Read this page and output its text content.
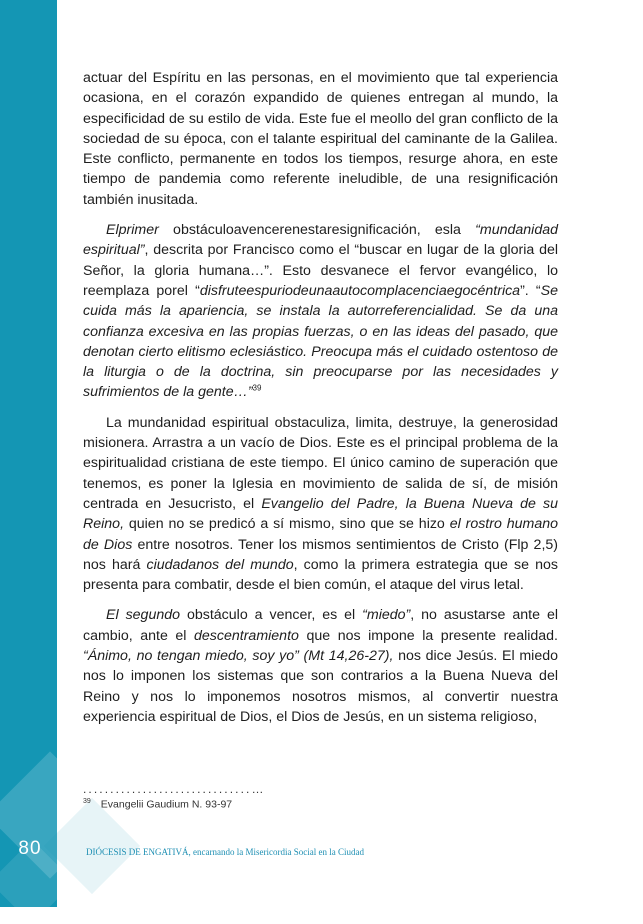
80

actuar del Espíritu en las personas, en el movimiento que tal experiencia ocasiona, en el corazón expandido de quienes entregan al mundo, la especificidad de su estilo de vida. Este fue el meollo del gran conflicto de la sociedad de su época, con el talante espiritual del caminante de la Galilea. Este conflicto, permanente en todos los tiempos, resurge ahora, en este tiempo de pandemia como referente ineludible, de una resignificación también inusitada.

Elprimer obstáculoavencerenestaresignificación, esla “mundanidad espiritual”, descrita por Francisco como el “buscar en lugar de la gloria del Señor, la gloria humana…”. Esto desvanece el fervor evangélico, lo reemplaza porel “disfruteespuriodeunaautocomplacenciaegocéntrica”. “Se cuida más la apariencia, se instala la autorreferencialidad. Se da una confianza excesiva en las propias fuerzas, o en las ideas del pasado, que denotan cierto elitismo eclesiástico. Preocupa más el cuidado ostentoso de la liturgia o de la doctrina, sin preocuparse por las necesidades y sufrimientos de la gente…”$^{39}$

La mundanidad espiritual obstaculiza, limita, destruye, la generosidad misionera. Arrastra a un vacío de Dios. Este es el principal problema de la espiritualidad cristiana de este tiempo. El único camino de superación que tenemos, es poner la Iglesia en movimiento de salida de sí, de misión centrada en Jesucristo, el Evangelio del Padre, la Buena Nueva de su Reino, quien no se predicó a sí mismo, sino que se hizo el rostro humano de Dios entre nosotros. Tener los mismos sentimientos de Cristo (Flp 2,5) nos hará ciudadanos del mundo, como la primera estrategia que se nos presenta para combatir, desde el bien común, el ataque del virus letal.

El segundo obstáculo a vencer, es el “miedo”, no asustarse ante el cambio, ante el descentramiento que nos impone la presente realidad. “Ánimo, no tengan miedo, soy yo” (Mt 14,26-27), nos dice Jesús. El miedo nos lo imponen los sistemas que son contrarios a la Buena Nueva del Reino y nos lo imponemos nosotros mismos, al convertir nuestra experiencia espiritual de Dios, el Dios de Jesús, en un sistema religioso,

...............................…
$^{39}$ Evangelii Gaudium N. 93-97
DIÓCESIS DE ENGATIVÁ, encarnando la Misericordia Social en la Ciudad
